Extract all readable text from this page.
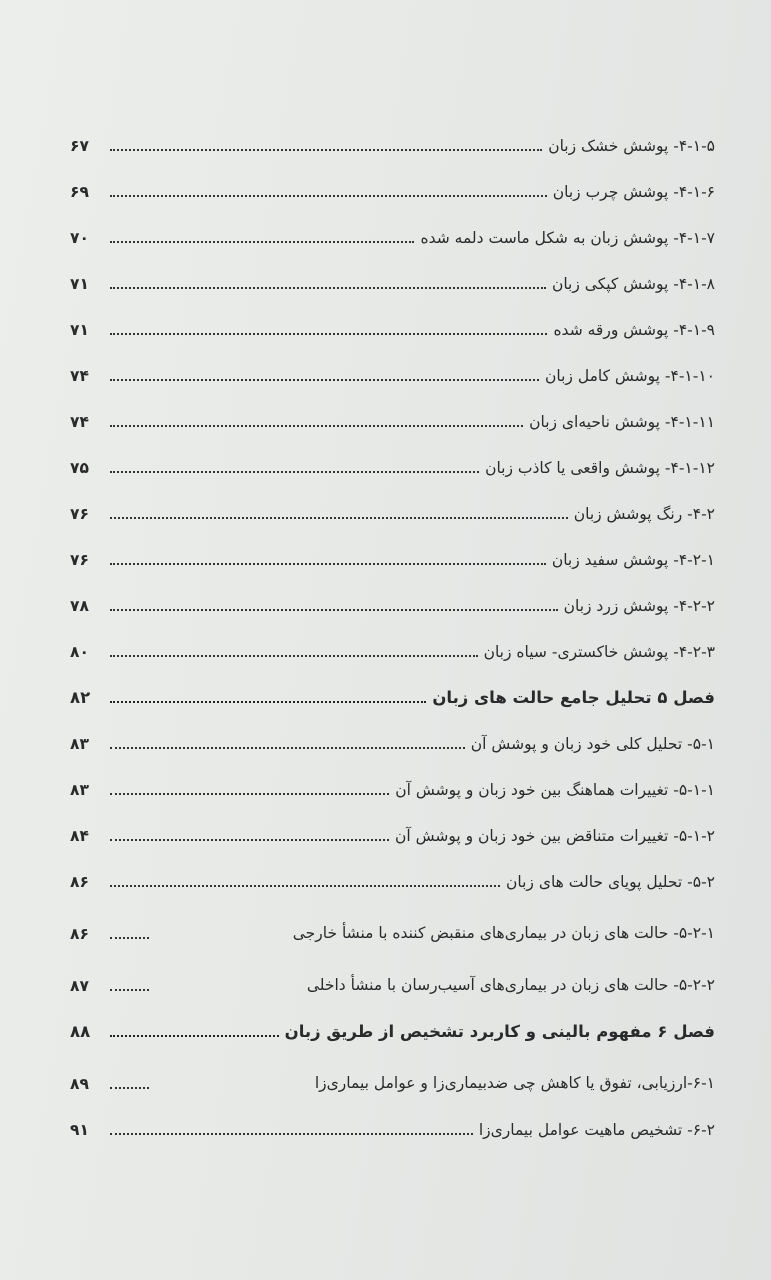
۴-۱-۵- پوشش خشک زبان
۶۷
۴-۱-۶- پوشش چرب زبان
۶۹
۴-۱-۷- پوشش زبان به شکل ماست دلمه شده
۷۰
۴-۱-۸- پوشش کپکی زبان
۷۱
۴-۱-۹- پوشش ورقه شده
۷۱
۴-۱-۱۰- پوشش کامل زبان
۷۴
۴-۱-۱۱- پوشش ناحیه‌ای زبان
۷۴
۴-۱-۱۲- پوشش واقعی یا کاذب زبان
۷۵
۴-۲- رنگ پوشش زبان
۷۶
۴-۲-۱- پوشش سفید زبان
۷۶
۴-۲-۲- پوشش زرد زبان
۷۸
۴-۲-۳- پوشش خاکستری- سیاه زبان
۸۰
فصل ۵ تحلیل جامع حالت‌ های زبان
۸۲
۵-۱- تحلیل کلی خود زبان و پوشش آن
۸۳
۵-۱-۱- تغییرات هماهنگ بین خود زبان و پوشش آن
۸۳
۵-۱-۲- تغییرات متناقض بین خود زبان و پوشش آن
۸۴
۵-۲- تحلیل پویای حالت‌ های زبان
۸۶
۵-۲-۱- حالت‌ های زبان در بیماری‌های منقبض کننده با منشأ خارجی
۸۶
۵-۲-۲- حالت‌ های زبان در بیماری‌های آسیب‌رسان با منشأ داخلی
۸۷
فصل ۶ مفهوم بالینی و کاربرد تشخیص از طریق زبان
۸۸
۶-۱-ارزیابی، تفوق یا کاهش چی ضدبیماری‌زا و عوامل بیماری‌زا
۸۹
۶-۲- تشخیص ماهیت عوامل بیماری‌زا
۹۱
